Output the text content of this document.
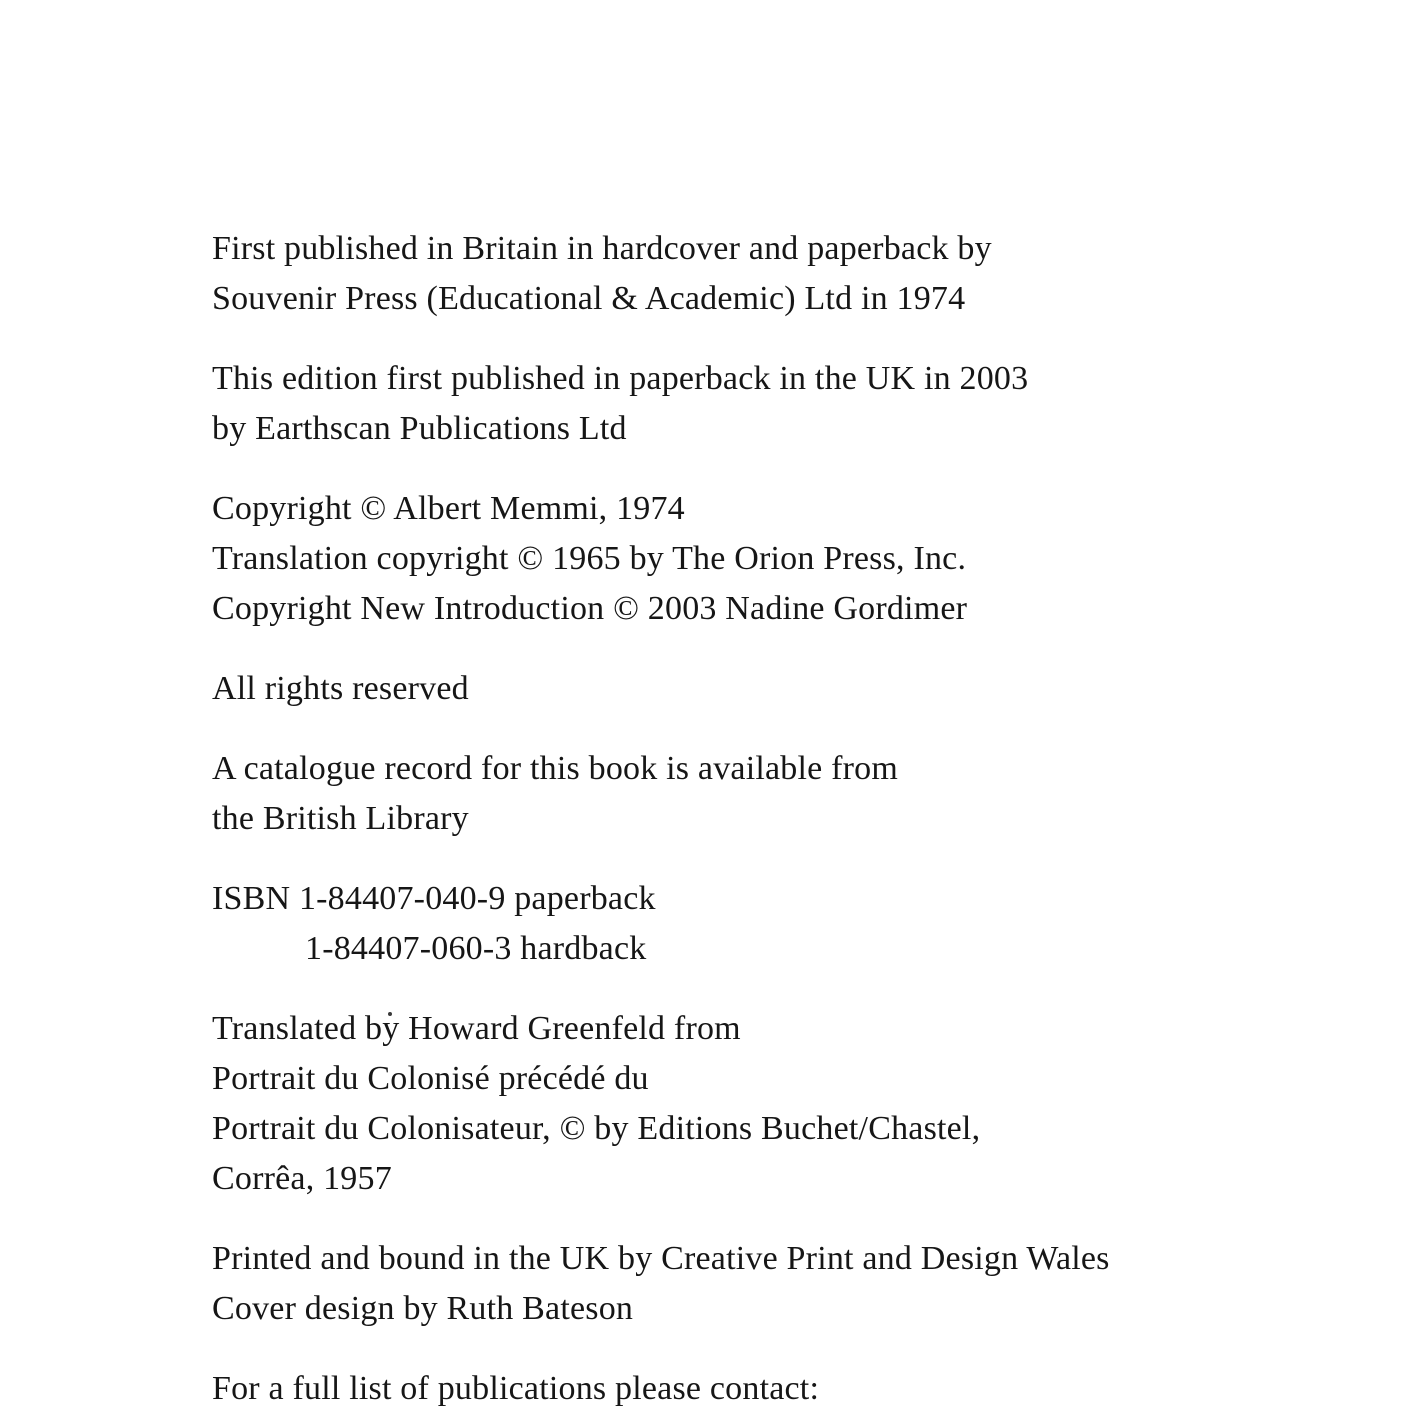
First published in Britain in hardcover and paperback by
Souvenir Press (Educational & Academic) Ltd in 1974

This edition first published in paperback in the UK in 2003
by Earthscan Publications Ltd

Copyright © Albert Memmi, 1974
Translation copyright © 1965 by The Orion Press, Inc.
Copyright New Introduction © 2003 Nadine Gordimer

All rights reserved

A catalogue record for this book is available from
the British Library

ISBN 1-84407-040-9 paperback
1-84407-060-3 hardback

Translated by Howard Greenfeld from
Portrait du Colonisé précédé du
Portrait du Colonisateur, © by Editions Buchet/Chastel,
Corrêa, 1957

Printed and bound in the UK by Creative Print and Design Wales
Cover design by Ruth Bateson

For a full list of publications please contact:
